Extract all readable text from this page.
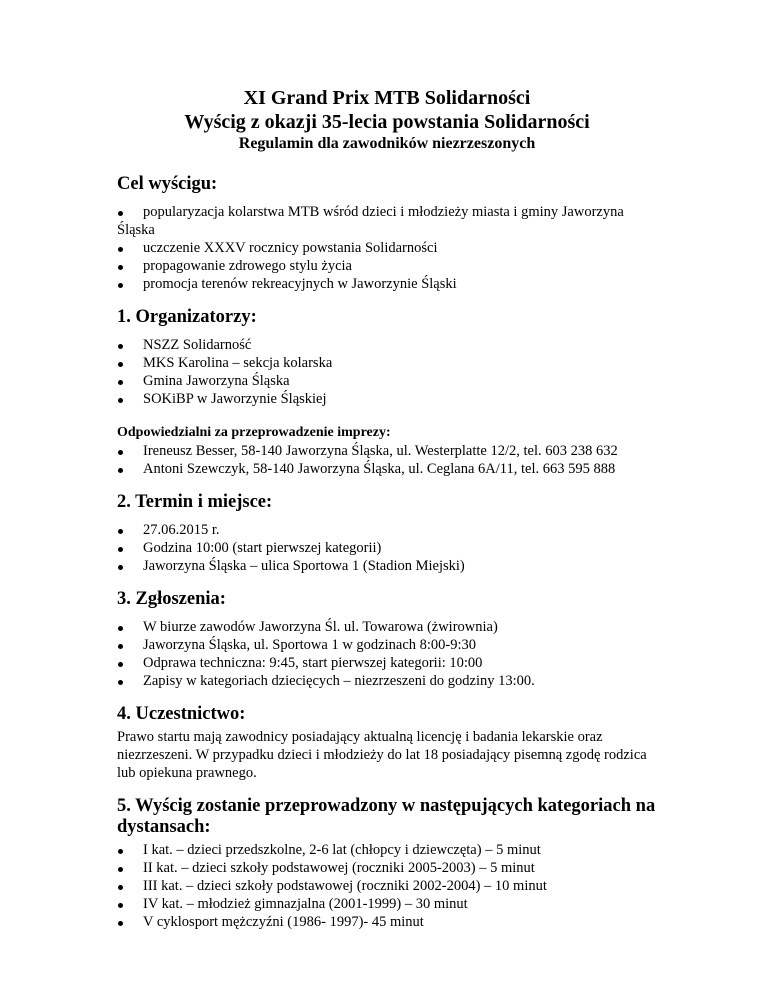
XI Grand Prix MTB Solidarności
Wyścig z okazji 35-lecia powstania Solidarności
Regulamin dla zawodników niezrzeszonych
Cel wyścigu:
popularyzacja kolarstwa MTB wśród dzieci i młodzieży miasta i gminy Jaworzyna Śląska
uczczenie XXXV rocznicy powstania Solidarności
propagowanie zdrowego stylu życia
promocja terenów rekreacyjnych w Jaworzynie Śląski
1. Organizatorzy:
NSZZ Solidarność
MKS Karolina – sekcja kolarska
Gmina Jaworzyna Śląska
SOKiBP w Jaworzynie Śląskiej
Odpowiedzialni za przeprowadzenie imprezy:
Ireneusz Besser, 58-140 Jaworzyna Śląska, ul. Westerplatte 12/2, tel. 603 238 632
Antoni Szewczyk, 58-140 Jaworzyna Śląska, ul. Ceglana 6A/11, tel. 663 595 888
2. Termin i miejsce:
27.06.2015 r.
Godzina 10:00 (start pierwszej kategorii)
Jaworzyna Śląska – ulica Sportowa 1 (Stadion Miejski)
3. Zgłoszenia:
W biurze zawodów Jaworzyna Śl. ul. Towarowa (żwirownia)
Jaworzyna Śląska, ul. Sportowa 1 w godzinach 8:00-9:30
Odprawa techniczna: 9:45, start pierwszej kategorii: 10:00
Zapisy w kategoriach dziecięcych – niezrzeszeni do godziny 13:00.
4. Uczestnictwo:

Prawo startu mają zawodnicy posiadający aktualną licencję i badania lekarskie oraz niezrzeszeni. W przypadku dzieci i młodzieży do lat 18 posiadający pisemną zgodę rodzica lub opiekuna prawnego.

5. Wyścig zostanie przeprowadzony w następujących kategoriach na dystansach:
I kat. – dzieci przedszkolne, 2-6 lat (chłopcy i dziewczęta) – 5 minut
II kat. – dzieci szkoły podstawowej (roczniki 2005-2003) – 5 minut
III kat. – dzieci szkoły podstawowej (roczniki 2002-2004) – 10 minut
IV kat. – młodzież gimnazjalna (2001-1999) – 30 minut
V cyklosport mężczyźni (1986- 1997)- 45 minut
